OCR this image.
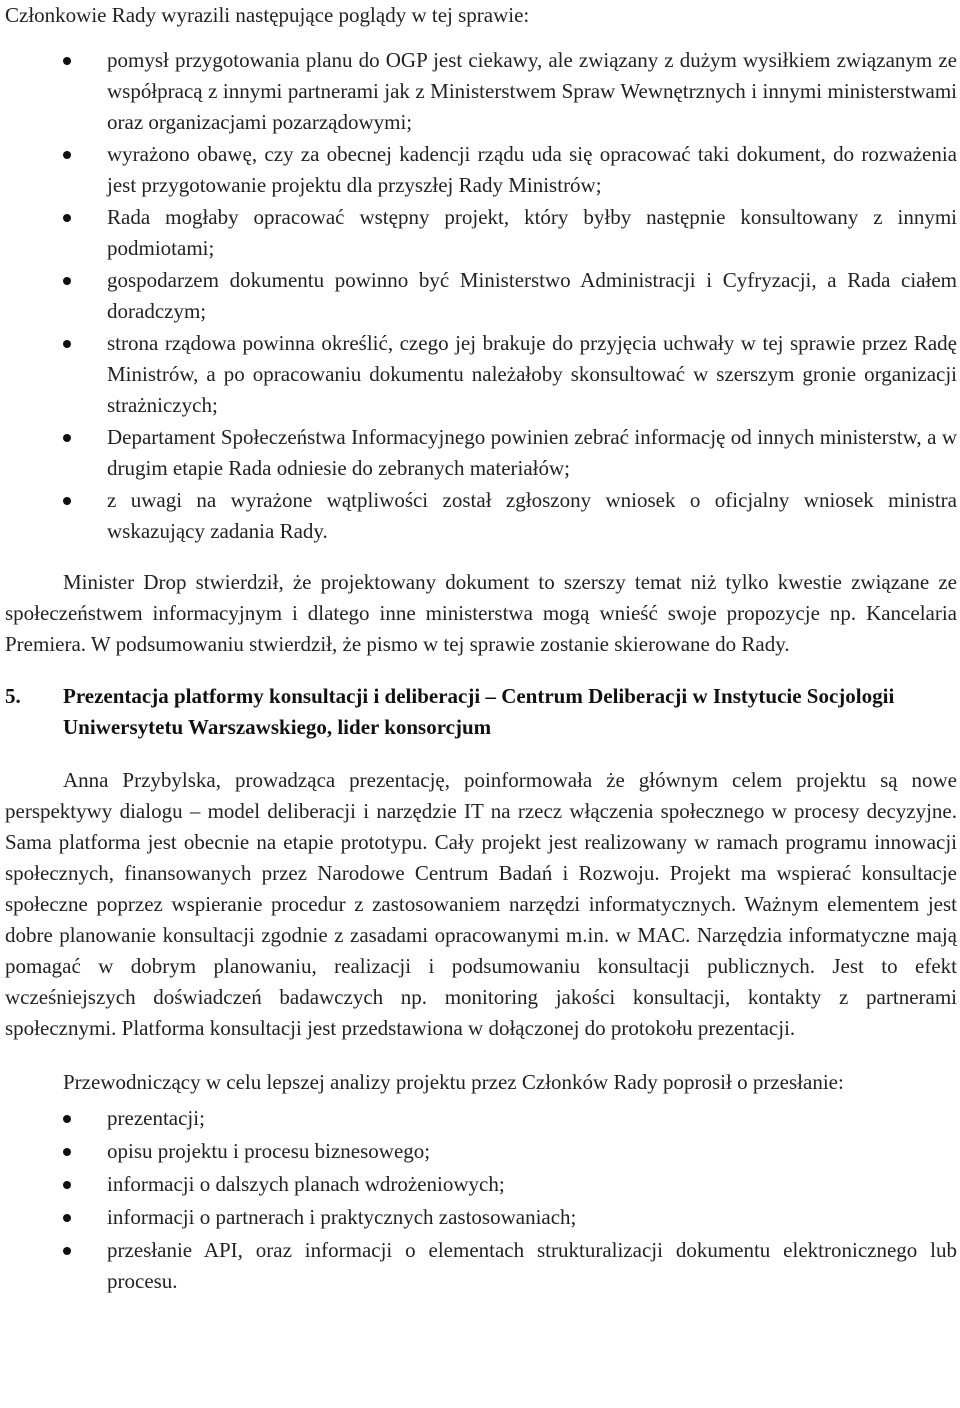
Członkowie Rady wyrazili następujące poglądy w tej sprawie:

pomysł przygotowania planu do OGP jest ciekawy, ale związany z dużym wysiłkiem związanym ze współpracą z innymi partnerami jak z Ministerstwem Spraw Wewnętrznych i innymi ministerstwami oraz organizacjami pozarządowymi;
wyrażono obawę, czy za obecnej kadencji rządu uda się opracować taki dokument, do rozważenia jest przygotowanie projektu dla przyszłej Rady Ministrów;
Rada mogłaby opracować wstępny projekt, który byłby następnie konsultowany z innymi podmiotami;
gospodarzem dokumentu powinno być Ministerstwo Administracji i Cyfryzacji, a Rada ciałem doradczym;
strona rządowa powinna określić, czego jej brakuje do przyjęcia uchwały w tej sprawie przez Radę Ministrów, a po opracowaniu dokumentu należałoby skonsultować w szerszym gronie organizacji strażniczych;
Departament Społeczeństwa Informacyjnego powinien zebrać informację od innych ministerstw, a w drugim etapie Rada odniesie do zebranych materiałów;
z uwagi na wyrażone wątpliwości został zgłoszony wniosek o oficjalny wniosek ministra wskazujący zadania Rady.

Minister Drop stwierdził, że projektowany dokument to szerszy temat niż tylko kwestie związane ze społeczeństwem informacyjnym i dlatego inne ministerstwa mogą wnieść swoje propozycje np. Kancelaria Premiera. W podsumowaniu stwierdził, że pismo w tej sprawie zostanie skierowane do Rady.

5. Prezentacja platformy konsultacji i deliberacji – Centrum Deliberacji w Instytucie Socjologii Uniwersytetu Warszawskiego, lider konsorcjum

Anna Przybylska, prowadząca prezentację, poinformowała że głównym celem projektu są nowe perspektywy dialogu – model deliberacji i narzędzie IT na rzecz włączenia społecznego w procesy decyzyjne. Sama platforma jest obecnie na etapie prototypu. Cały projekt jest realizowany w ramach programu innowacji społecznych, finansowanych przez Narodowe Centrum Badań i Rozwoju. Projekt ma wspierać konsultacje społeczne poprzez wspieranie procedur z zastosowaniem narzędzi informatycznych. Ważnym elementem jest dobre planowanie konsultacji zgodnie z zasadami opracowanymi m.in. w MAC. Narzędzia informatyczne mają pomagać w dobrym planowaniu, realizacji i podsumowaniu konsultacji publicznych. Jest to efekt wcześniejszych doświadczeń badawczych np. monitoring jakości konsultacji, kontakty z partnerami społecznymi. Platforma konsultacji jest przedstawiona w dołączonej do protokołu prezentacji.

Przewodniczący w celu lepszej analizy projektu przez Członków Rady poprosił o przesłanie:

prezentacji;
opisu projektu i procesu biznesowego;
informacji o dalszych planach wdrożeniowych;
informacji o partnerach i praktycznych zastosowaniach;
przesłanie API, oraz informacji o elementach strukturalizacji dokumentu elektronicznego lub procesu.
